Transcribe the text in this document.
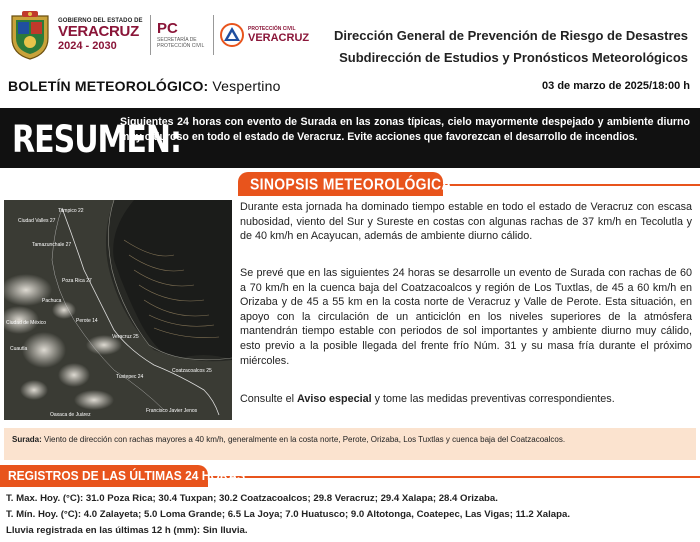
GOBIERNO DEL ESTADO DE
VERACRUZ
2024 - 2030
PC
SECRETARÍA DE PROTECCIÓN CIVIL
PROTECCIÓN CIVIL
VERACRUZ	Dirección General de Prevención de Riesgo de Desastres
Subdirección de Estudios y Pronósticos Meteorológicos
BOLETÍN METEOROLÓGICO: Vespertino	03 de marzo de 2025/18:00 h
RESUMEN:
Siguientes 24 horas con evento de Surada en las zonas típicas, cielo mayormente despejado y ambiente diurno muy caluroso en todo el estado de Veracruz. Evite acciones que favorezcan el desarrollo de incendios.
SINOPSIS METEOROLÓGICA
Ciudad Valles 27
Tampico 22
Tamazunchale 27
Poza Rica 27
Pachuca
Perote 14
Ciudad de México
Veracruz 25
Tuxtepec 24
Coatzacoalcos 25
Cuautla
Francisco Javier Jenos
Oaxaca de Juárez
Durante esta jornada ha dominado tiempo estable en todo el estado de Veracruz con escasa nubosidad, viento del Sur y Sureste en costas con algunas rachas de 37 km/h en Tecolutla y de 40 km/h en Acayucan, además de ambiente diurno cálido.
Se prevé que en las siguientes 24 horas se desarrolle un evento de Surada con rachas de 60 a 70 km/h en la cuenca baja del Coatzacoalcos y región de Los Tuxtlas, de 45 a 60 km/h en Orizaba y de 45 a 55 km en la costa norte de Veracruz y Valle de Perote. Esta situación, en apoyo con la circulación de un anticiclón en los niveles superiores de la atmósfera mantendrán tiempo estable con periodos de sol importantes y ambiente diurno muy cálido, esto previo a la posible llegada del frente frío Núm. 31 y su masa fría durante el próximo miércoles.
Consulte el Aviso especial y tome las medidas preventivas correspondientes.
Surada: Viento de dirección con rachas mayores a 40 km/h, generalmente en la costa norte, Perote, Orizaba, Los Tuxtlas y cuenca baja del Coatzacoalcos.
REGISTROS DE LAS ÚLTIMAS 24 HORAS
T. Max. Hoy. (°C): 31.0 Poza Rica; 30.4 Tuxpan; 30.2 Coatzacoalcos; 29.8 Veracruz; 29.4 Xalapa; 28.4 Orizaba.
T. Mín. Hoy. (°C): 4.0 Zalayeta; 5.0 Loma Grande; 6.5 La Joya; 7.0 Huatusco; 9.0 Altotonga, Coatepec, Las Vigas; 11.2 Xalapa.
Lluvia registrada en las últimas 12 h (mm): Sin lluvia.
